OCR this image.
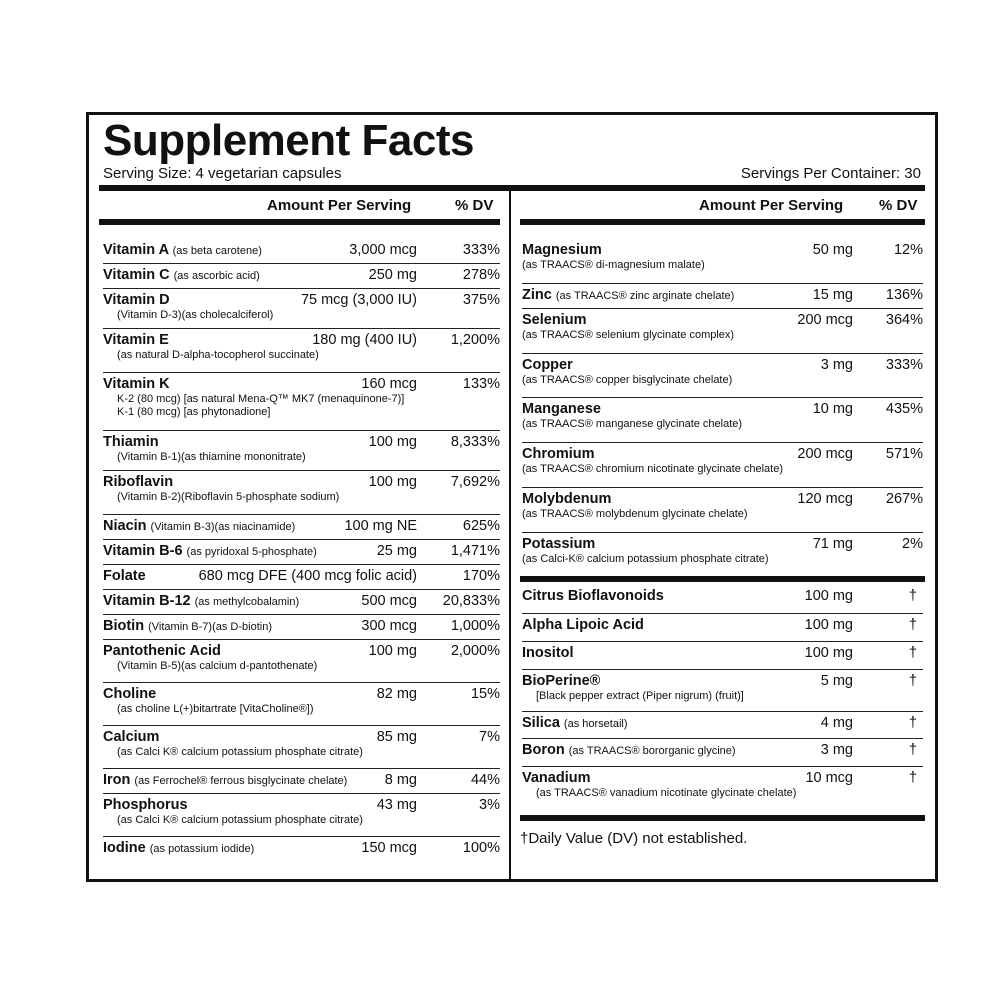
Supplement Facts
Serving Size: 4 vegetarian capsules	Servings Per Container: 30
Amount Per Serving	% DV	Amount Per Serving % DV
Vitamin A (as beta carotene)	3,000 mcg	333%
Vitamin C (as ascorbic acid)	250 mg	278%
Vitamin D
(Vitamin D-3)(as cholecalciferol)
75 mcg (3,000 IU)	375%
Vitamin E
(as natural D-alpha-tocopherol succinate)
180 mg (400 IU) 1,200%
Vitamin K
K-2 (80 mcg) [as natural Mena-Q™ MK7 (menaquinone-7)]
K-1 (80 mcg) [as phytonadione]
160 mcg	133%
Thiamin
(Vitamin B-1)(as thiamine mononitrate)
100 mg 8,333%
Riboflavin
(Vitamin B-2)(Riboflavin 5-phosphate sodium)
100 mg 7,692%
Niacin (Vitamin B-3)(as niacinamide)	100 mg NE	625%
Vitamin B-6 (as pyridoxal 5-phosphate)	25 mg 1,471%
Folate	680 mcg DFE (400 mcg folic acid)	170%
Vitamin B-12 (as methylcobalamin)	500 mcg 20,833%
Biotin (Vitamin B-7)(as D-biotin)	300 mcg 1,000%
Pantothenic Acid
(Vitamin B-5)(as calcium d-pantothenate)
100 mg 2,000%
Choline
(as choline L(+)bitartrate [VitaCholine®])
82 mg	15%
Calcium
(as Calci K® calcium potassium phosphate citrate)
85 mg	7%
Iron (as Ferrochel® ferrous bisglycinate chelate)	8 mg	44%
Phosphorus
(as Calci K® calcium potassium phosphate citrate)
43 mg	3%
Iodine (as potassium iodide)	150 mcg	100%
Magnesium
(as TRAACS® di-magnesium malate)
50 mg	12%
Zinc (as TRAACS® zinc arginate chelate)	15 mg 136%
Selenium
(as TRAACS® selenium glycinate complex)
200 mcg 364%
Copper
(as TRAACS® copper bisglycinate chelate)
3 mg 333%
Manganese
(as TRAACS® manganese glycinate chelate)
10 mg 435%
Chromium
(as TRAACS® chromium nicotinate glycinate chelate)
200 mcg 571%
Molybdenum
(as TRAACS® molybdenum glycinate chelate)
120 mcg 267%
Potassium
(as Calci-K® calcium potassium phosphate citrate)
71 mg	2%
Citrus Bioflavonoids	100 mg	†
Alpha Lipoic Acid	100 mg	†
Inositol	100 mg	†
BioPerine®
[Black pepper extract (Piper nigrum) (fruit)]
5 mg	†
Silica (as horsetail)	4 mg	†
Boron (as TRAACS® bororganic glycine)	3 mg	†
Vanadium
(as TRAACS® vanadium nicotinate glycinate chelate)
10 mcg	†
†Daily Value (DV) not established.
